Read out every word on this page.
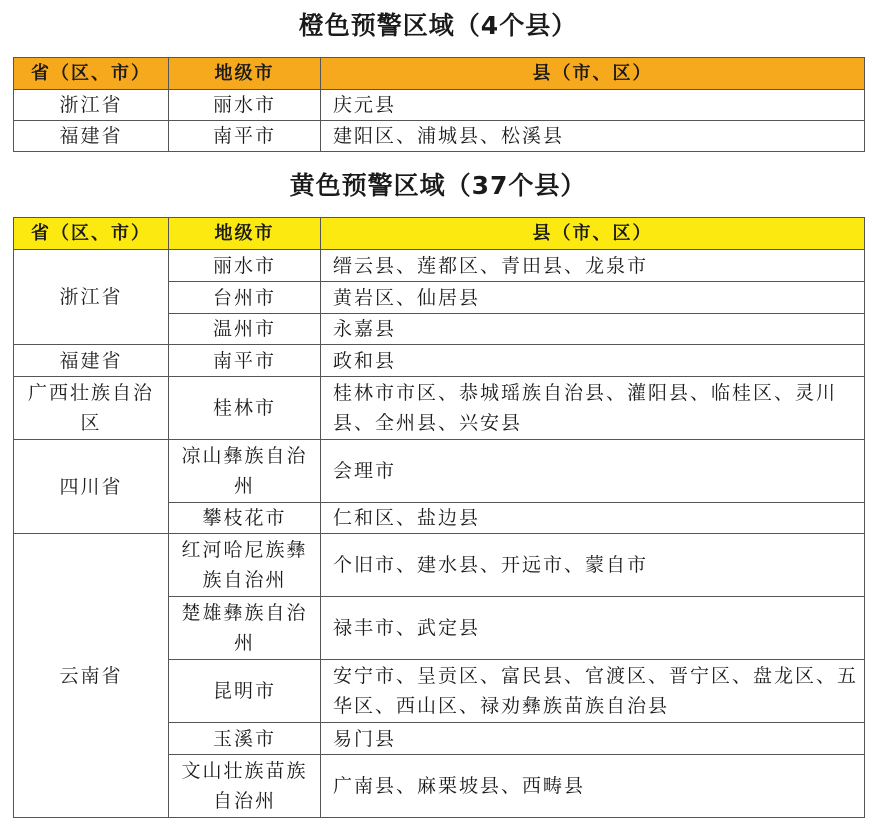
橙色预警区域（4个县）
省（区、市）	地级市	县（市、区）
浙江省	丽水市	庆元县
福建省	南平市	建阳区、浦城县、松溪县
黄色预警区域（37个县）
省（区、市）	地级市	县（市、区）
浙江省	丽水市	缙云县、莲都区、青田县、龙泉市
	台州市	黄岩区、仙居县
	温州市	永嘉县
福建省	南平市	政和县
广西壮族自治区	桂林市	桂林市市区、恭城瑶族自治县、灌阳县、临桂区、灵川县、全州县、兴安县
四川省	凉山彝族自治州	会理市
	攀枝花市	仁和区、盐边县
云南省	红河哈尼族彝族自治州	个旧市、建水县、开远市、蒙自市
	楚雄彝族自治州	禄丰市、武定县
	昆明市	安宁市、呈贡区、富民县、官渡区、晋宁区、盘龙区、五华区、西山区、禄劝彝族苗族自治县
	玉溪市	易门县
	文山壮族苗族自治州	广南县、麻栗坡县、西畴县
